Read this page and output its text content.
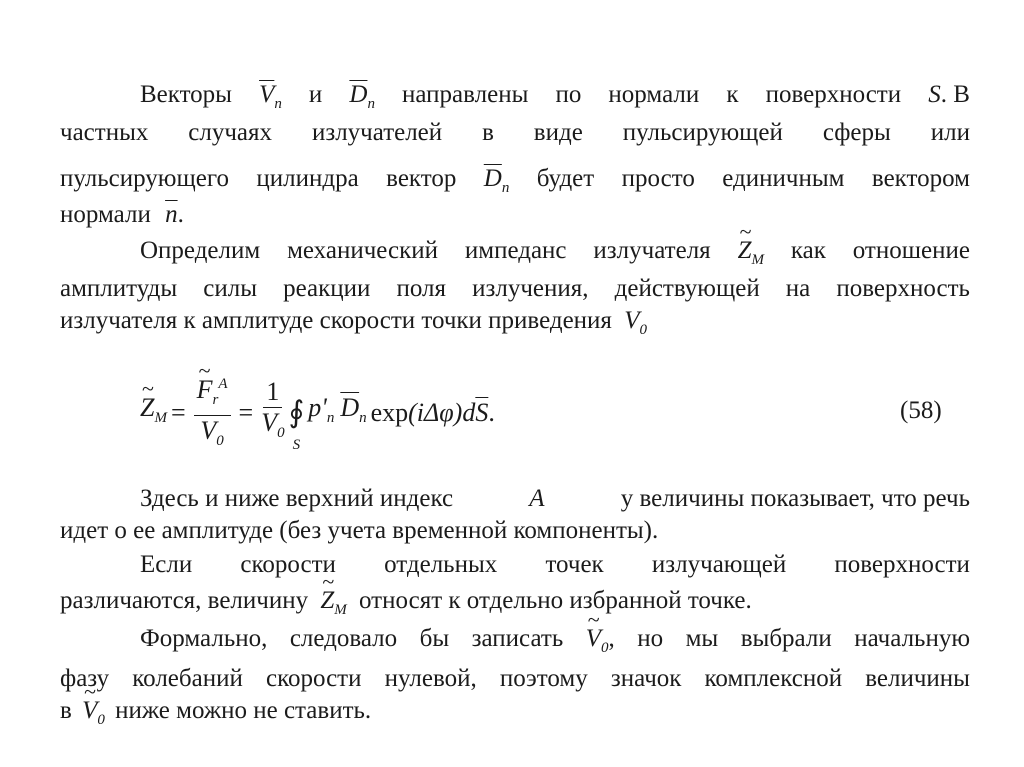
Векторы $\overline{V}_n$ и $\overline{D}_n$ направлены по нормали к поверхности S. В
частных случаях излучателей в виде пульсирующей сферы или
пульсирующего цилиндра вектор $\overline{D}_n$ будет просто единичным вектором
нормали $\overline{n}$.
Определим механический импеданс излучателя ~ $Z_M$ как отношение
амплитуды силы реакции поля излучения, действующей на поверхность
излучателя к амплитуде скорости точки приведения $V_0$
~ $Z_M$ = ~ $\frac{F_r^A}{V_0} = \frac{1}{V_0}$ ∮
S
$p'_n$ $\overline{D}_n$ exp (iΔφ) d $\overline{S}$ .	(58)
Здесь и ниже верхний индекс	A	у величины показывает, что речь
идет о ее амплитуде (без учета временной компоненты).
Если скорости отдельных точек излучающей поверхности
различаются, величину ~ $Z_M$ относят к отдельно избранной точке.
Формально, следовало бы записать ~ $V_0$, но мы выбрали начальную
фазу колебаний скорости нулевой, поэтому значок комплексной величины
в ~ $V_0$ ниже можно не ставить.
